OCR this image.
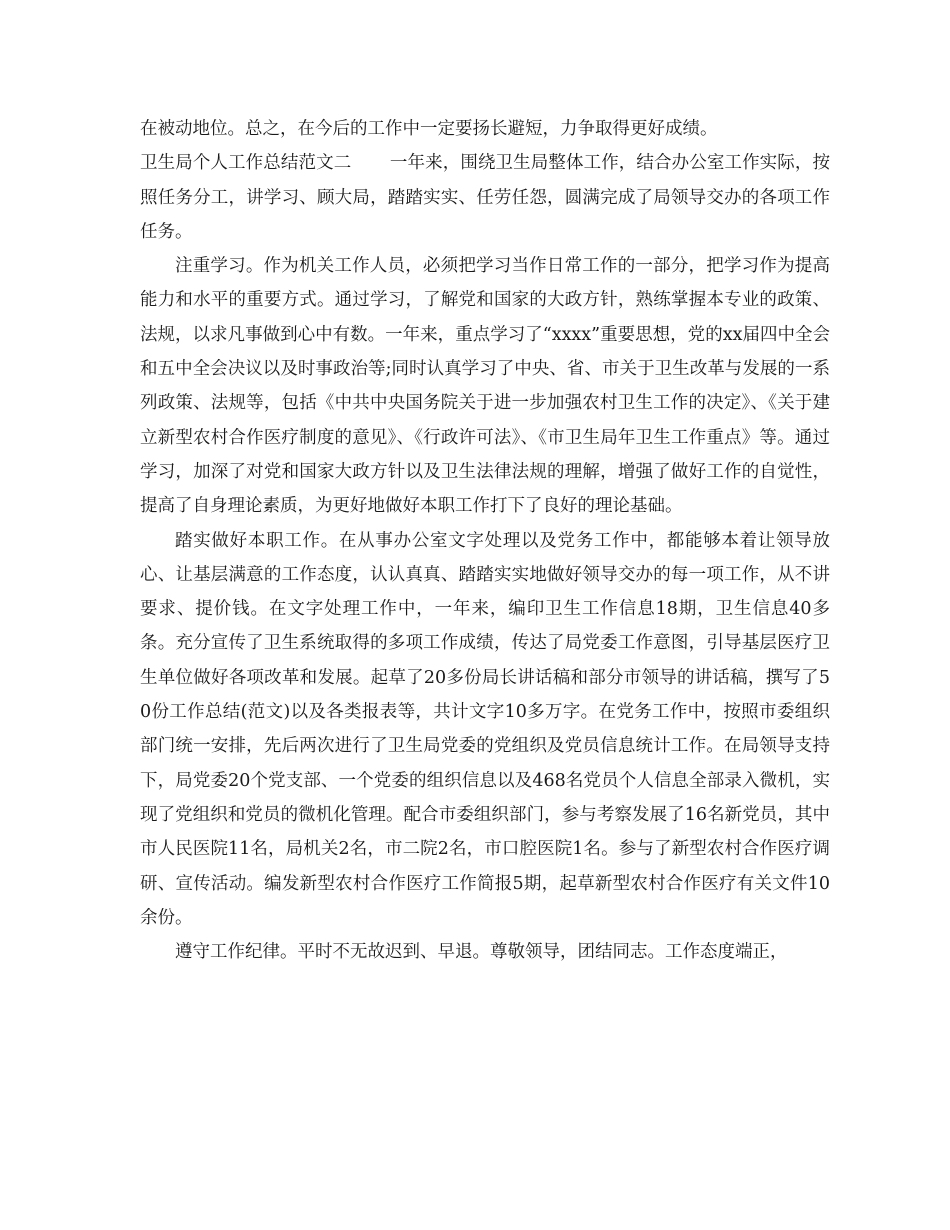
在被动地位。总之，在今后的工作中一定要扬长避短，力争取得更好成绩。

卫生局个人工作总结范文二 一年来，围绕卫生局整体工作，结合办公室工作实际，按照任务分工，讲学习、顾大局，踏踏实实、任劳任怨，圆满完成了局领导交办的各项工作任务。

注重学习。作为机关工作人员，必须把学习当作日常工作的一部分，把学习作为提高能力和水平的重要方式。通过学习，了解党和国家的大政方针，熟练掌握本专业的政策、法规，以求凡事做到心中有数。一年来，重点学习了“xxxx”重要思想，党的xx届四中全会和五中全会决议以及时事政治等;同时认真学习了中央、省、市关于卫生改革与发展的一系列政策、法规等，包括《中共中央国务院关于进一步加强农村卫生工作的决定》、《关于建立新型农村合作医疗制度的意见》、《行政许可法》、《市卫生局年卫生工作重点》等。通过学习，加深了对党和国家大政方针以及卫生法律法规的理解，增强了做好工作的自觉性，提高了自身理论素质，为更好地做好本职工作打下了良好的理论基础。

踏实做好本职工作。在从事办公室文字处理以及党务工作中，都能够本着让领导放心、让基层满意的工作态度，认认真真、踏踏实实地做好领导交办的每一项工作，从不讲要求、提价钱。在文字处理工作中，一年来，编印卫生工作信息18期，卫生信息40多条。充分宣传了卫生系统取得的多项工作成绩，传达了局党委工作意图，引导基层医疗卫生单位做好各项改革和发展。起草了20多份局长讲话稿和部分市领导的讲话稿，撰写了50份工作总结(范文)以及各类报表等，共计文字10多万字。在党务工作中，按照市委组织部门统一安排，先后两次进行了卫生局党委的党组织及党员信息统计工作。在局领导支持下，局党委20个党支部、一个党委的组织信息以及468名党员个人信息全部录入微机，实现了党组织和党员的微机化管理。配合市委组织部门，参与考察发展了16名新党员，其中市人民医院11名，局机关2名，市二院2名，市口腔医院1名。参与了新型农村合作医疗调研、宣传活动。编发新型农村合作医疗工作简报5期，起草新型农村合作医疗有关文件10余份。

遵守工作纪律。平时不无故迟到、早退。尊敬领导，团结同志。工作态度端正，
